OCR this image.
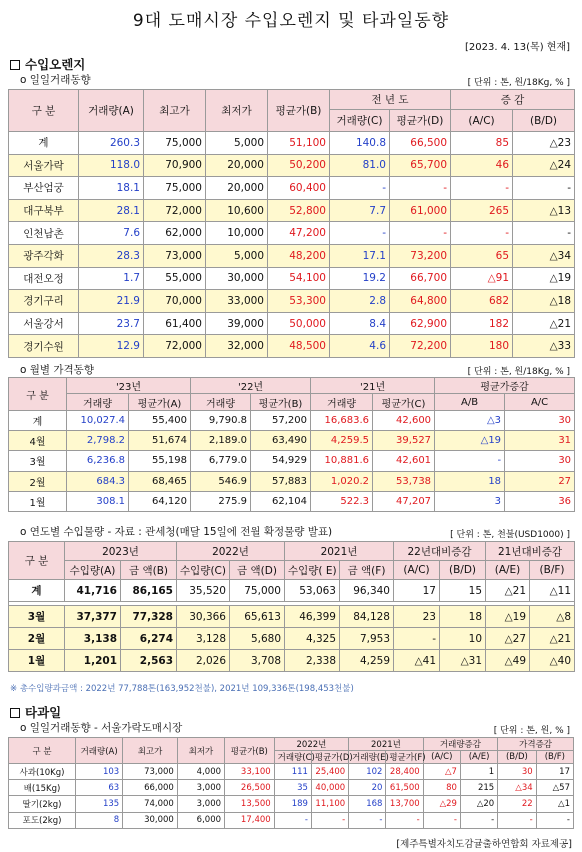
9대 도매시장 수입오렌지 및 타과일동향
[2023. 4. 13(목) 현재]
수입오렌지
o 일일거래동향	[ 단위 : 톤, 원/18Kg, % ]
구 분	거래량(A)	최고가	최저가	평균가(B)	전 년 도		증 감	
					거래량(C)	평균가(D)	(A/C)	(B/D)
계	260.3	75,000	5,000	51,100	140.8	66,500	85	△23
서울가락	118.0	70,900	20,000	50,200	81.0	65,700	46	△24
부산엄궁	18.1	75,000	20,000	60,400	-	-	-	-
대구북부	28.1	72,000	10,600	52,800	7.7	61,000	265	△13
인천남촌	7.6	62,000	10,000	47,200	-	-	-	-
광주각화	28.3	73,000	5,000	48,200	17.1	73,200	65	△34
대전오정	1.7	55,000	30,000	54,100	19.2	66,700	△91	△19
경기구리	21.9	70,000	33,000	53,300	2.8	64,800	682	△18
서울강서	23.7	61,400	39,000	50,000	8.4	62,900	182	△21
경기수원	12.9	72,000	32,000	48,500	4.6	72,200	180	△33
o 월별 가격동향	[ 단위 : 톤, 원/18Kg, % ]
구 분	'23년		'22년		'21년		평균가증감	
	거래량	평균가(A)	거래량	평균가(B)	거래량	평균가(C)	A/B	A/C
계	10,027.4	55,400	9,790.8	57,200	16,683.6	42,600	△3	30
4월	2,798.2	51,674	2,189.0	63,490	4,259.5	39,527	△19	31
3월	6,236.8	55,198	6,779.0	54,929	10,881.6	42,601	-	30
2월	684.3	68,465	546.9	57,883	1,020.2	53,738	18	27
1월	308.1	64,120	275.9	62,104	522.3	47,207	3	36
o 연도별 수입물량 - 자료 : 관세청(매달 15일에 전월 확정물량 발표)	[ 단위 : 톤, 천불(USD1000) ]
구 분	2023년		2022년		2021년		22년대비증감		21년대비증감	
	수입량(A)	금 액(B)	수입량(C)	금 액(D)	수입량( E)	금 액(F)	(A/C)	(B/D)	(A/E)	(B/F)
계	41,716	86,165	35,520	75,000	53,063	96,340	17	15	△21	△11

3월	37,377	77,328	30,366	65,613	46,399	84,128	23	18	△19	△8
2월	3,138	6,274	3,128	5,680	4,325	7,953	-	10	△27	△21
1월	1,201	2,563	2,026	3,708	2,338	4,259	△41	△31	△49	△40
※ 총수입량과금액 : 2022년 77,788톤(163,952천불), 2021년 109,336톤(198,453천불)
타과일
o 일일거래동향 - 서울가락도매시장	[ 단위 : 톤, 원, % ]
구 분	거래량(A)	최고가	최저가	평균가(B)	2022년		2021년		거래량증감		가격증감	
					거래량(C)	평균가(D)	거래량(E)	평균가(F)	(A/C)	(A/E)	(B/D)	(B/F)
사과(10Kg)	103	73,000	4,000	33,100	111	25,400	102	28,400	△7	1	30	17
배(15Kg)	63	66,000	3,000	26,500	35	40,000	20	61,500	80	215	△34	△57
딸기(2kg)	135	74,000	3,000	13,500	189	11,100	168	13,700	△29	△20	22	△1
포도(2kg)	8	30,000	6,000	17,400	-	-	-	-	-	-	-	-
[제주특별자치도감귤출하연합회 자료제공]
